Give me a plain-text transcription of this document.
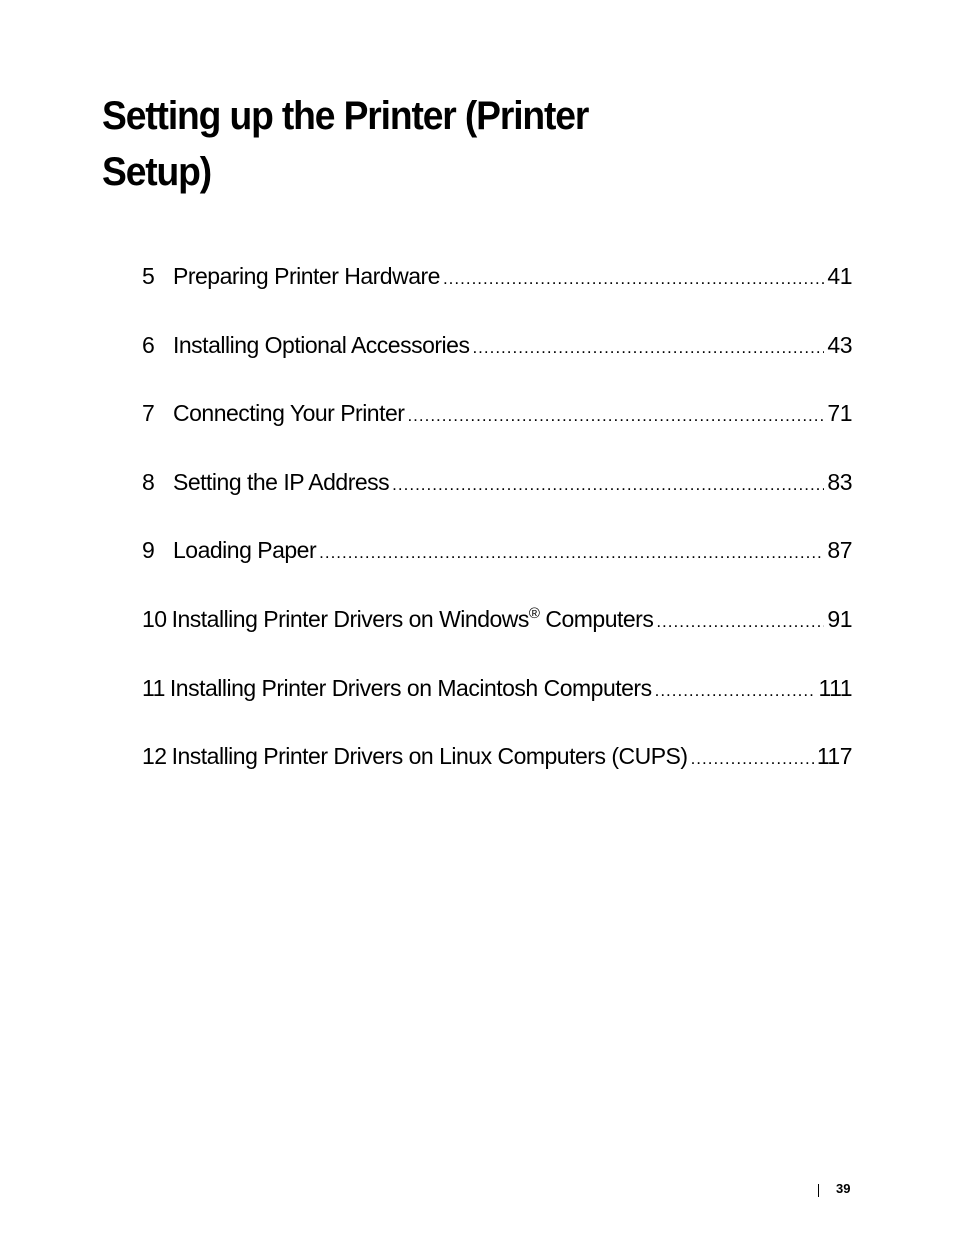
Setting up the Printer (Printer Setup)
5 Preparing Printer Hardware .....	41
6 Installing Optional Accessories .....	43
7 Connecting Your Printer .....	71
8 Setting the IP Address .....	83
9 Loading Paper .....	87
10 Installing Printer Drivers on Windows® Computers .....	91
11 Installing Printer Drivers on Macintosh Computers .....	111
12 Installing Printer Drivers on Linux Computers (CUPS) .....	117
39
